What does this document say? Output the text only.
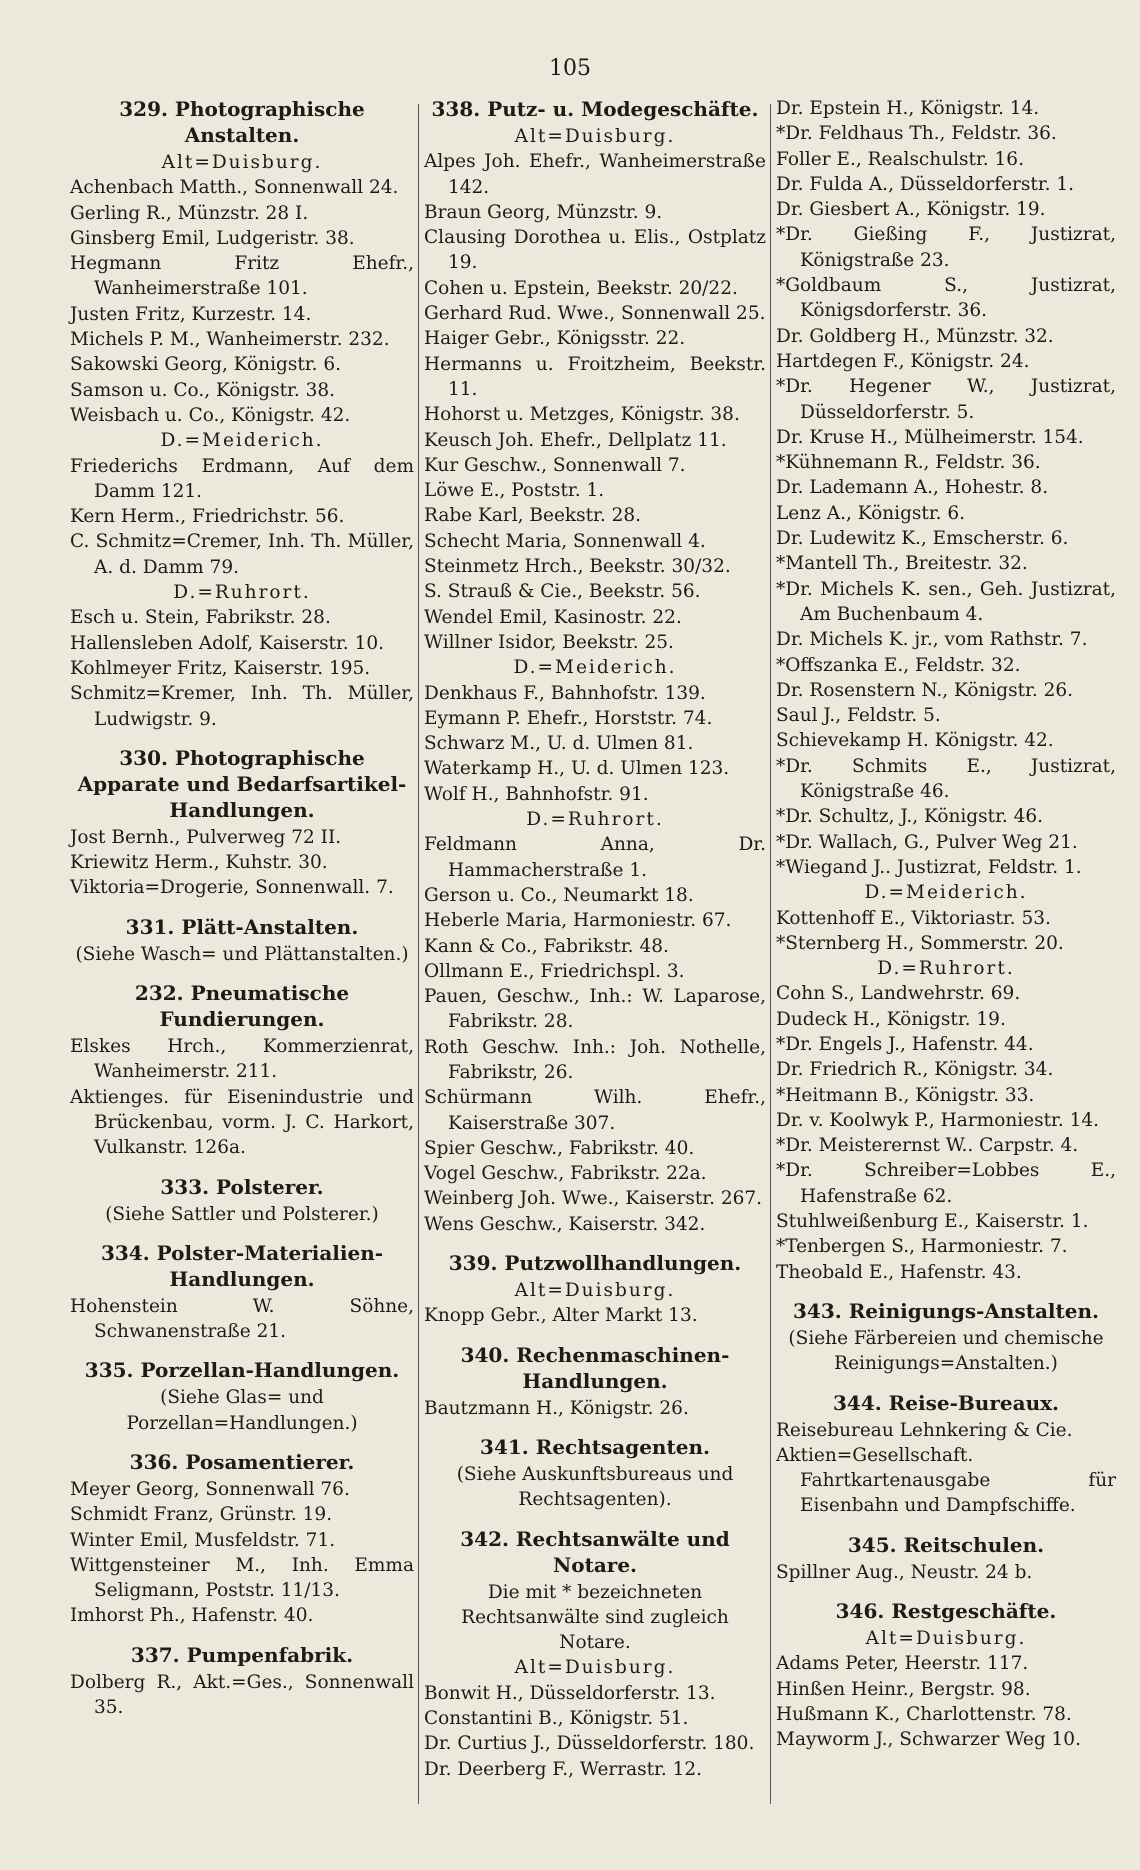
105
329. Photographische Anstalten.
Alt=Duisburg.
Achenbach Matth., Sonnenwall 24.
Gerling R., Münzstr. 28 I.
Ginsberg Emil, Ludgeristr. 38.
Hegmann Fritz Ehefr., Wanheimerstraße 101.
Justen Fritz, Kurzestr. 14.
Michels P. M., Wanheimerstr. 232.
Sakowski Georg, Königstr. 6.
Samson u. Co., Königstr. 38.
Weisbach u. Co., Königstr. 42.
D.=Meiderich.
Friederichs Erdmann, Auf dem Damm 121.
Kern Herm., Friedrichstr. 56.
C. Schmitz=Cremer, Inh. Th. Müller, A. d. Damm 79.
D.=Ruhrort.
Esch u. Stein, Fabrikstr. 28.
Hallensleben Adolf, Kaiserstr. 10.
Kohlmeyer Fritz, Kaiserstr. 195.
Schmitz=Kremer, Inh. Th. Müller, Ludwigstr. 9.
330. Photographische Apparate und Bedarfsartikel-Handlungen.
Jost Bernh., Pulverweg 72 II.
Kriewitz Herm., Kuhstr. 30.
Viktoria=Drogerie, Sonnenwall. 7.
331. Plätt-Anstalten.
(Siehe Wasch= und Plättanstalten.)
232. Pneumatische Fundierungen.
Elskes Hrch., Kommerzienrat, Wanheimerstr. 211.
Aktienges. für Eisenindustrie und Brückenbau, vorm. J. C. Harkort, Vulkanstr. 126a.
333. Polsterer.
(Siehe Sattler und Polsterer.)
334. Polster-Materialien-Handlungen.
Hohenstein W. Söhne, Schwanenstraße 21.
335. Porzellan-Handlungen.
(Siehe Glas= und Porzellan=Handlungen.)
336. Posamentierer.
Meyer Georg, Sonnenwall 76.
Schmidt Franz, Grünstr. 19.
Winter Emil, Musfeldstr. 71.
Wittgensteiner M., Inh. Emma Seligmann, Poststr. 11/13.
Imhorst Ph., Hafenstr. 40.
337. Pumpenfabrik.
Dolberg R., Akt.=Ges., Sonnenwall 35.
338. Putz- u. Modegeschäfte.
Alt=Duisburg.
Alpes Joh. Ehefr., Wanheimerstraße 142.
Braun Georg, Münzstr. 9.
Clausing Dorothea u. Elis., Ostplatz 19.
Cohen u. Epstein, Beekstr. 20/22.
Gerhard Rud. Wwe., Sonnenwall 25.
Haiger Gebr., Königsstr. 22.
Hermanns u. Froitzheim, Beekstr. 11.
Hohorst u. Metzges, Königstr. 38.
Keusch Joh. Ehefr., Dellplatz 11.
Kur Geschw., Sonnenwall 7.
Löwe E., Poststr. 1.
Rabe Karl, Beekstr. 28.
Schecht Maria, Sonnenwall 4.
Steinmetz Hrch., Beekstr. 30/32.
S. Strauß & Cie., Beekstr. 56.
Wendel Emil, Kasinostr. 22.
Willner Isidor, Beekstr. 25.
D.=Meiderich.
Denkhaus F., Bahnhofstr. 139.
Eymann P. Ehefr., Horststr. 74.
Schwarz M., U. d. Ulmen 81.
Waterkamp H., U. d. Ulmen 123.
Wolf H., Bahnhofstr. 91.
D.=Ruhrort.
Feldmann Anna, Dr. Hammacherstraße 1.
Gerson u. Co., Neumarkt 18.
Heberle Maria, Harmoniestr. 67.
Kann & Co., Fabrikstr. 48.
Ollmann E., Friedrichspl. 3.
Pauen, Geschw., Inh.: W. Laparose, Fabrikstr. 28.
Roth Geschw. Inh.: Joh. Nothelle, Fabrikstr, 26.
Schürmann Wilh. Ehefr., Kaiserstraße 307.
Spier Geschw., Fabrikstr. 40.
Vogel Geschw., Fabrikstr. 22a.
Weinberg Joh. Wwe., Kaiserstr. 267.
Wens Geschw., Kaiserstr. 342.
339. Putzwollhandlungen.
Alt=Duisburg.
Knopp Gebr., Alter Markt 13.
340. Rechenmaschinen-Handlungen.
Bautzmann H., Königstr. 26.
341. Rechtsagenten.
(Siehe Auskunftsbureaus und Rechtsagenten).
342. Rechtsanwälte und Notare.
Die mit * bezeichneten Rechtsanwälte sind zugleich Notare.
Alt=Duisburg.
Bonwit H., Düsseldorferstr. 13.
Constantini B., Königstr. 51.
Dr. Curtius J., Düsseldorferstr. 180.
Dr. Deerberg F., Werrastr. 12.
Dr. Epstein H., Königstr. 14.
*Dr. Feldhaus Th., Feldstr. 36.
Foller E., Realschulstr. 16.
Dr. Fulda A., Düsseldorferstr. 1.
Dr. Giesbert A., Königstr. 19.
*Dr. Gießing F., Justizrat, Königstraße 23.
*Goldbaum S., Justizrat, Königsdorferstr. 36.
Dr. Goldberg H., Münzstr. 32.
Hartdegen F., Königstr. 24.
*Dr. Hegener W., Justizrat, Düsseldorferstr. 5.
Dr. Kruse H., Mülheimerstr. 154.
*Kühnemann R., Feldstr. 36.
Dr. Lademann A., Hohestr. 8.
Lenz A., Königstr. 6.
Dr. Ludewitz K., Emscherstr. 6.
*Mantell Th., Breitestr. 32.
*Dr. Michels K. sen., Geh. Justizrat, Am Buchenbaum 4.
Dr. Michels K. jr., vom Rathstr. 7.
*Offszanka E., Feldstr. 32.
Dr. Rosenstern N., Königstr. 26.
Saul J., Feldstr. 5.
Schievekamp H. Königstr. 42.
*Dr. Schmits E., Justizrat, Königstraße 46.
*Dr. Schultz, J., Königstr. 46.
*Dr. Wallach, G., Pulver Weg 21.
*Wiegand J.. Justizrat, Feldstr. 1.
D.=Meiderich.
Kottenhoff E., Viktoriastr. 53.
*Sternberg H., Sommerstr. 20.
D.=Ruhrort.
Cohn S., Landwehrstr. 69.
Dudeck H., Königstr. 19.
*Dr. Engels J., Hafenstr. 44.
Dr. Friedrich R., Königstr. 34.
*Heitmann B., Königstr. 33.
Dr. v. Koolwyk P., Harmoniestr. 14.
*Dr. Meisterernst W.. Carpstr. 4.
*Dr. Schreiber=Lobbes E., Hafenstraße 62.
Stuhlweißenburg E., Kaiserstr. 1.
*Tenbergen S., Harmoniestr. 7.
Theobald E., Hafenstr. 43.
343. Reinigungs-Anstalten.
(Siehe Färbereien und chemische Reinigungs=Anstalten.)
344. Reise-Bureaux.
Reisebureau Lehnkering & Cie.
Aktien=Gesellschaft. Fahrtkartenausgabe für Eisenbahn und Dampfschiffe.
345. Reitschulen.
Spillner Aug., Neustr. 24 b.
346. Restgeschäfte.
Alt=Duisburg.
Adams Peter, Heerstr. 117.
Hinßen Heinr., Bergstr. 98.
Hußmann K., Charlottenstr. 78.
Mayworm J., Schwarzer Weg 10.
